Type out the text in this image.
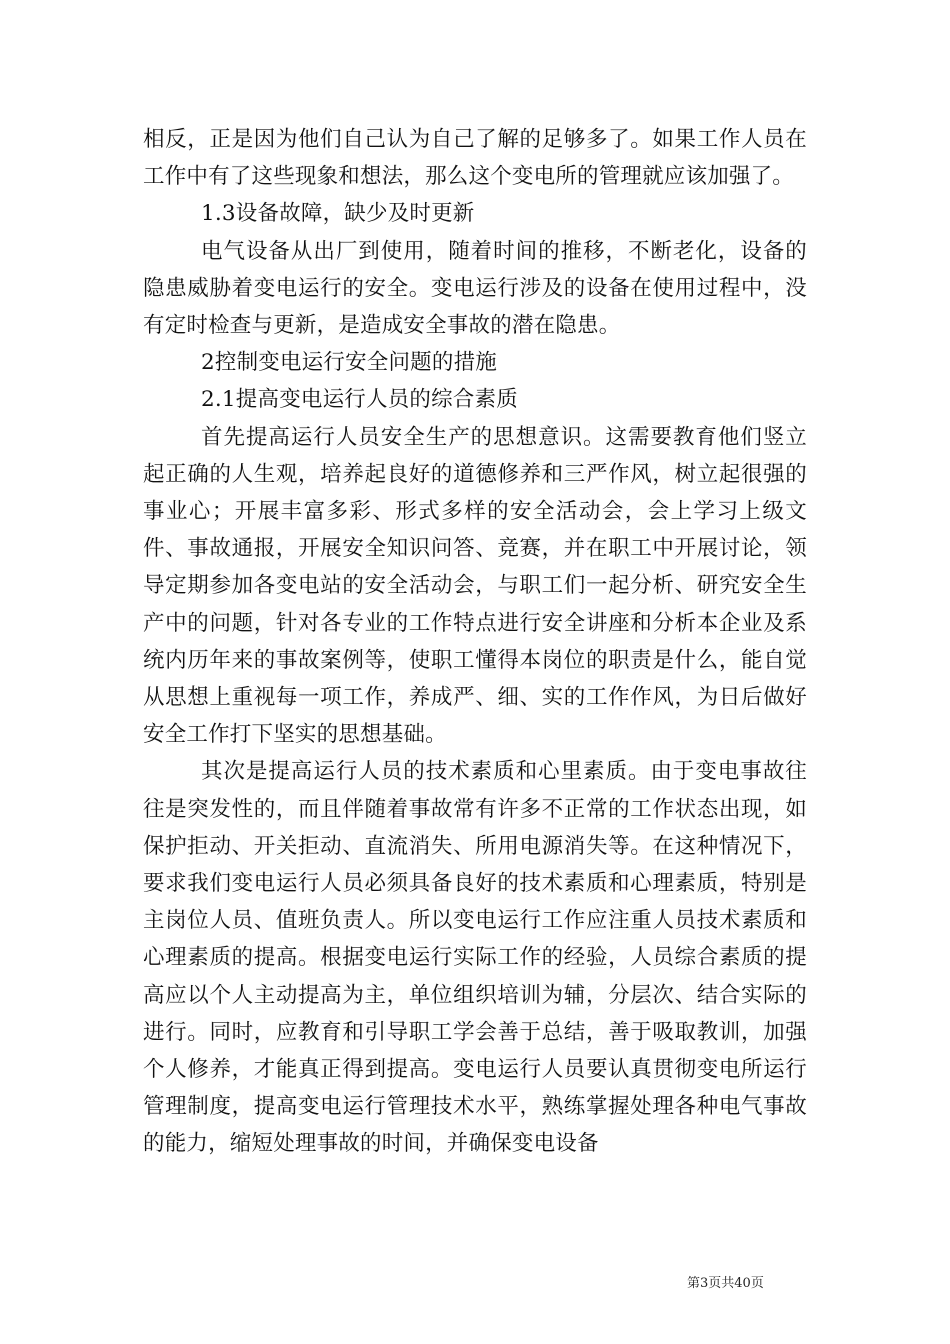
相反，正是因为他们自己认为自己了解的足够多了。如果工作人员在工作中有了这些现象和想法，那么这个变电所的管理就应该加强了。

1.3设备故障，缺少及时更新

电气设备从出厂到使用，随着时间的推移，不断老化，设备的隐患威胁着变电运行的安全。变电运行涉及的设备在使用过程中，没有定时检查与更新，是造成安全事故的潜在隐患。

2控制变电运行安全问题的措施

2.1提高变电运行人员的综合素质

首先提高运行人员安全生产的思想意识。这需要教育他们竖立起正确的人生观，培养起良好的道德修养和三严作风，树立起很强的事业心；开展丰富多彩、形式多样的安全活动会，会上学习上级文件、事故通报，开展安全知识问答、竞赛，并在职工中开展讨论，领导定期参加各变电站的安全活动会，与职工们一起分析、研究安全生产中的问题，针对各专业的工作特点进行安全讲座和分析本企业及系统内历年来的事故案例等，使职工懂得本岗位的职责是什么，能自觉从思想上重视每一项工作，养成严、细、实的工作作风，为日后做好安全工作打下坚实的思想基础。

其次是提高运行人员的技术素质和心里素质。由于变电事故往往是突发性的，而且伴随着事故常有许多不正常的工作状态出现，如保护拒动、开关拒动、直流消失、所用电源消失等。在这种情况下，要求我们变电运行人员必须具备良好的技术素质和心理素质，特别是主岗位人员、值班负责人。所以变电运行工作应注重人员技术素质和心理素质的提高。根据变电运行实际工作的经验，人员综合素质的提高应以个人主动提高为主，单位组织培训为辅，分层次、结合实际的进行。同时，应教育和引导职工学会善于总结，善于吸取教训，加强个人修养，才能真正得到提高。变电运行人员要认真贯彻变电所运行管理制度，提高变电运行管理技术水平，熟练掌握处理各种电气事故的能力，缩短处理事故的时间，并确保变电设备

第3页共40页
